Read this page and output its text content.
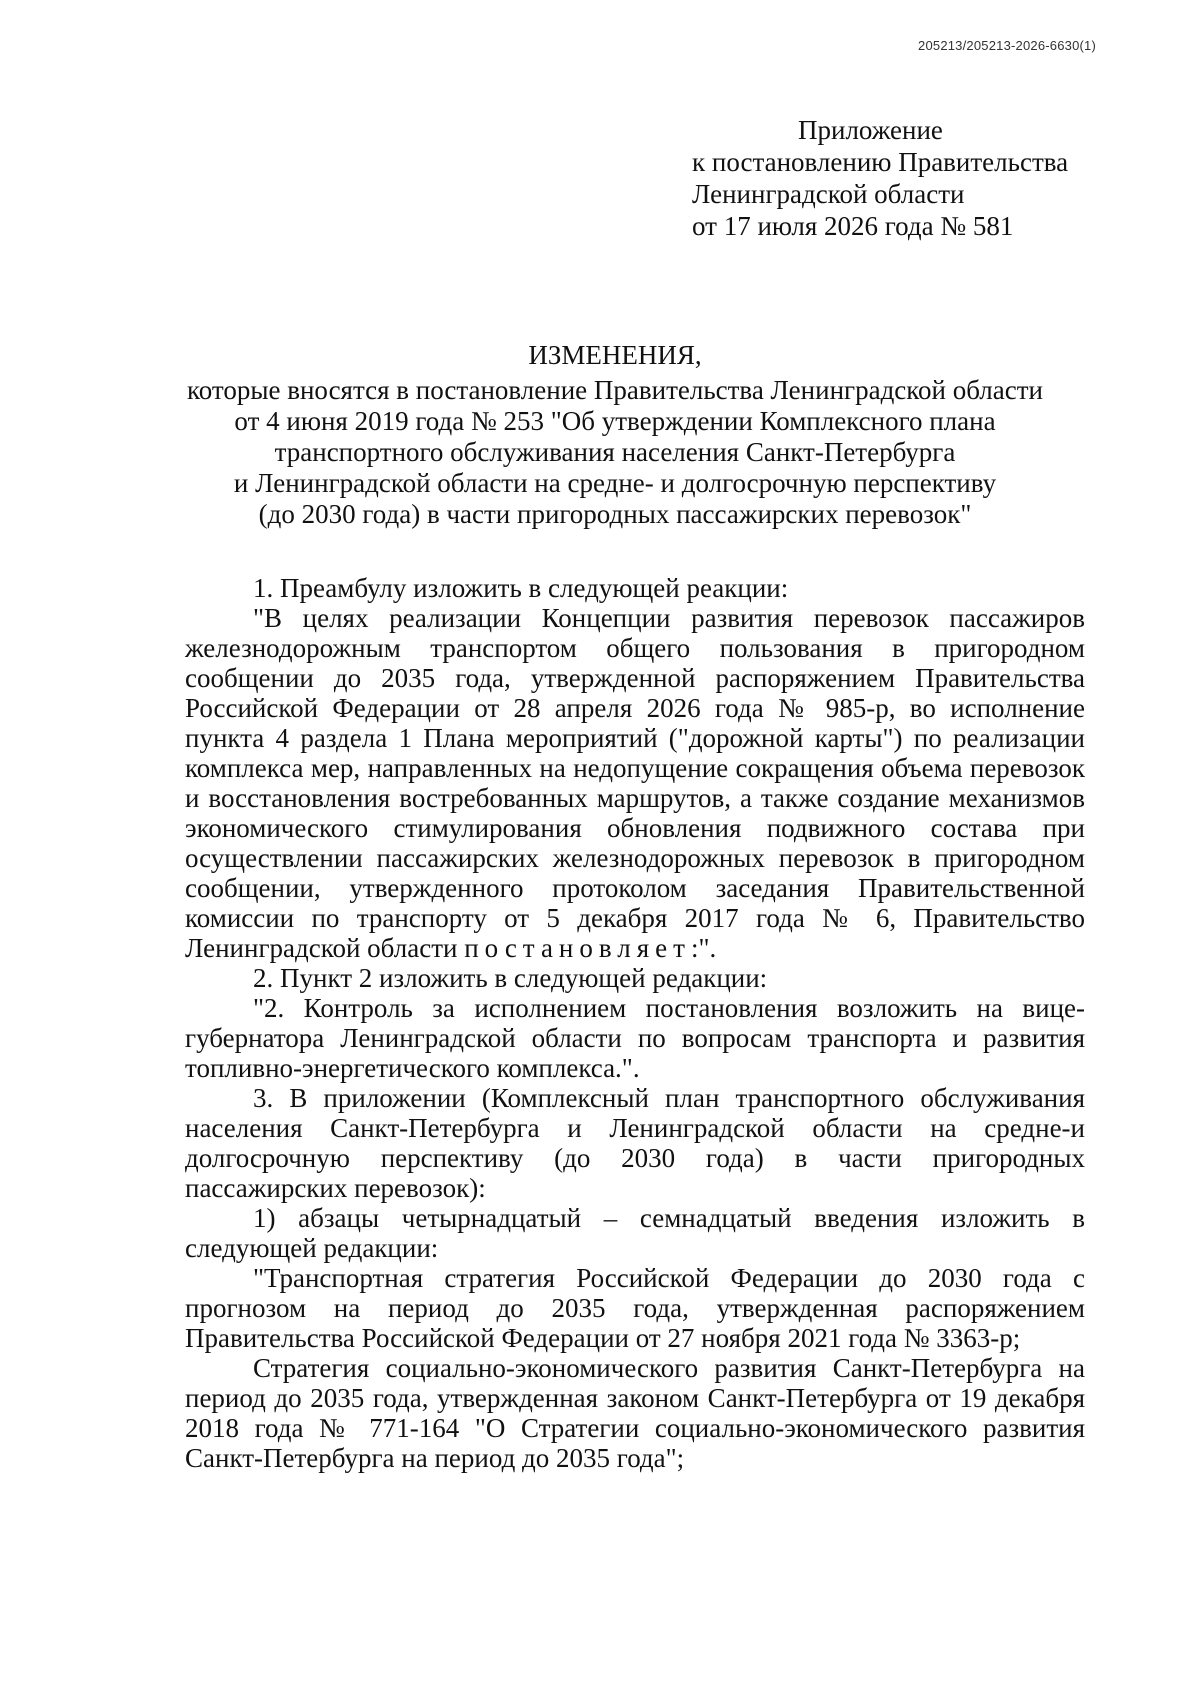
205213/205213-2026-6630(1)
Приложение
к постановлению Правительства
Ленинградской области
от 17 июля 2026 года № 581
ИЗМЕНЕНИЯ,
которые вносятся в постановление Правительства Ленинградской области
от 4 июня 2019 года № 253 "Об утверждении Комплексного плана
транспортного обслуживания населения Санкт-Петербурга
и Ленинградской области на средне- и долгосрочную перспективу
(до 2030 года) в части пригородных пассажирских перевозок"

1. Преамбулу изложить в следующей реакции:

"В целях реализации Концепции развития перевозок пассажиров железнодорожным транспортом общего пользования в пригородном сообщении до 2035 года, утвержденной распоряжением Правительства Российской Федерации от 28 апреля 2026 года № 985-р, во исполнение пункта 4 раздела 1 Плана мероприятий ("дорожной карты") по реализации комплекса мер, направленных на недопущение сокращения объема перевозок и восстановления востребованных маршрутов, а также создание механизмов экономического стимулирования обновления подвижного состава при осуществлении пассажирских железнодорожных перевозок в пригородном сообщении, утвержденного протоколом заседания Правительственной комиссии по транспорту от 5 декабря 2017 года № 6, Правительство Ленинградской области постановляет:".

2. Пункт 2 изложить в следующей редакции:

"2. Контроль за исполнением постановления возложить на вице-губернатора Ленинградской области по вопросам транспорта и развития топливно-энергетического комплекса.".

3. В приложении (Комплексный план транспортного обслуживания населения Санкт-Петербурга и Ленинградской области на средне-и долгосрочную перспективу (до 2030 года) в части пригородных пассажирских перевозок):

1) абзацы четырнадцатый – семнадцатый введения изложить в следующей редакции:

"Транспортная стратегия Российской Федерации до 2030 года с прогнозом на период до 2035 года, утвержденная распоряжением Правительства Российской Федерации от 27 ноября 2021 года № 3363-р;

Стратегия социально-экономического развития Санкт-Петербурга на период до 2035 года, утвержденная законом Санкт-Петербурга от 19 декабря 2018 года № 771-164 "О Стратегии социально-экономического развития Санкт-Петербурга на период до 2035 года";
